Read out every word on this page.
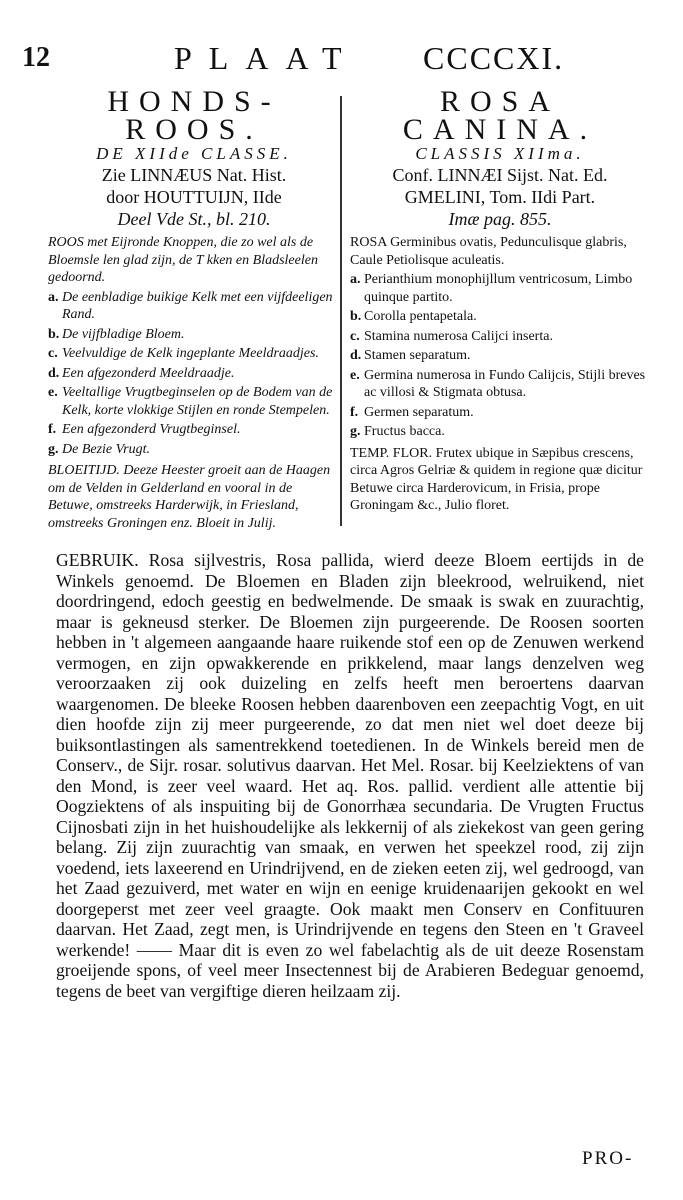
12	PLAAT CCCCXI.
HONDS-
ROOS.
DE XIIde CLASSE.
Zie LINNÆUS Nat. Hist.
door HOUTTUIJN, IIde
Deel Vde St., bl. 210.
ROOS met Eijronde Knoppen, die zo wel als de Bloemsle len glad zijn, de T kken en Bladsleelen gedoornd.
a. De eenbladige buikige Kelk met een vijfdeeligen Rand.
b. De vijfbladige Bloem.
c. Veelvuldige de Kelk ingeplante Meeldraadjes.
d. Een afgezonderd Meeldraadje.
e. Veeltallige Vrugtbeginselen op de Bodem van de Kelk, korte vlokkige Stijlen en ronde Stempelen.
f. Een afgezonderd Vrugtbeginsel.
g. De Bezie Vrugt.
BLOEITIJD. Deeze Heester groeit aan de Haagen om de Velden in Gelderland en vooral in de Betuwe, omstreeks Harderwijk, in Friesland, omstreeks Groningen enz. Bloeit in Julij.
ROSA
CANINA.
CLASSIS XIIma.
Conf. LINNÆI Sijst. Nat. Ed.
GMELINI, Tom. IIdi Part.
Imæ pag. 855.
ROSA Germinibus ovatis, Pedunculisque glabris, Caule Petiolisque aculeatis.
a. Perianthium monophijllum ventricosum, Limbo quinque partito.
b. Corolla pentapetala.
c. Stamina numerosa Calijci inserta.
d. Stamen separatum.
e. Germina numerosa in Fundo Calijcis, Stijli breves ac villosi & Stigmata obtusa.
f. Germen separatum.
g. Fructus bacca.
TEMP. FLOR. Frutex ubique in Sæpibus crescens, circa Agros Gelriæ & quidem in regione quæ dicitur Betuwe circa Harderovicum, in Frisia, prope Groningam &c., Julio floret.

GEBRUIK. Rosa sijlvestris, Rosa pallida, wierd deeze Bloem eertijds in de Winkels genoemd. De Bloemen en Bladen zijn bleekrood, welruikend, niet doordringend, edoch geestig en bedwelmende. De smaak is swak en zuurachtig, maar is gekneusd sterker. De Bloemen zijn purgeerende. De Roosen soorten hebben in 't algemeen aangaande haare ruikende stof een op de Zenuwen werkend vermogen, en zijn opwakkerende en prikkelend, maar langs denzelven weg veroorzaaken zij ook duizeling en zelfs heeft men beroertens daarvan waargenomen. De bleeke Roosen hebben daarenboven een zeepachtig Vogt, en uit dien hoofde zijn zij meer purgeerende, zo dat men niet wel doet deeze bij buiksontlastingen als samentrekkend toetedienen. In de Winkels bereid men de Conserv., de Sijr. rosar. solutivus daarvan. Het Mel. Rosar. bij Keelziektens of van den Mond, is zeer veel waard. Het aq. Ros. pallid. verdient alle attentie bij Oogziektens of als inspuiting bij de Gonorrhæa secundaria. De Vrugten Fructus Cijnosbati zijn in het huishoudelijke als lekkernij of als ziekekost van geen gering belang. Zij zijn zuurachtig van smaak, en verwen het speekzel rood, zij zijn voedend, iets laxeerend en Urindrijvend, en de zieken eeten zij, wel gedroogd, van het Zaad gezuiverd, met water en wijn en eenige kruidenaarijen gekookt en wel doorgeperst met zeer veel graagte. Ook maakt men Conserv en Confituuren daarvan. Het Zaad, zegt men, is Urindrijvende en tegens den Steen en 't Graveel werkende! —— Maar dit is even zo wel fabelachtig als de uit deeze Rosenstam groeijende spons, of veel meer Insectennest bij de Arabieren Bedeguar genoemd, tegens de beet van vergiftige dieren heilzaam zij.

PRO-
